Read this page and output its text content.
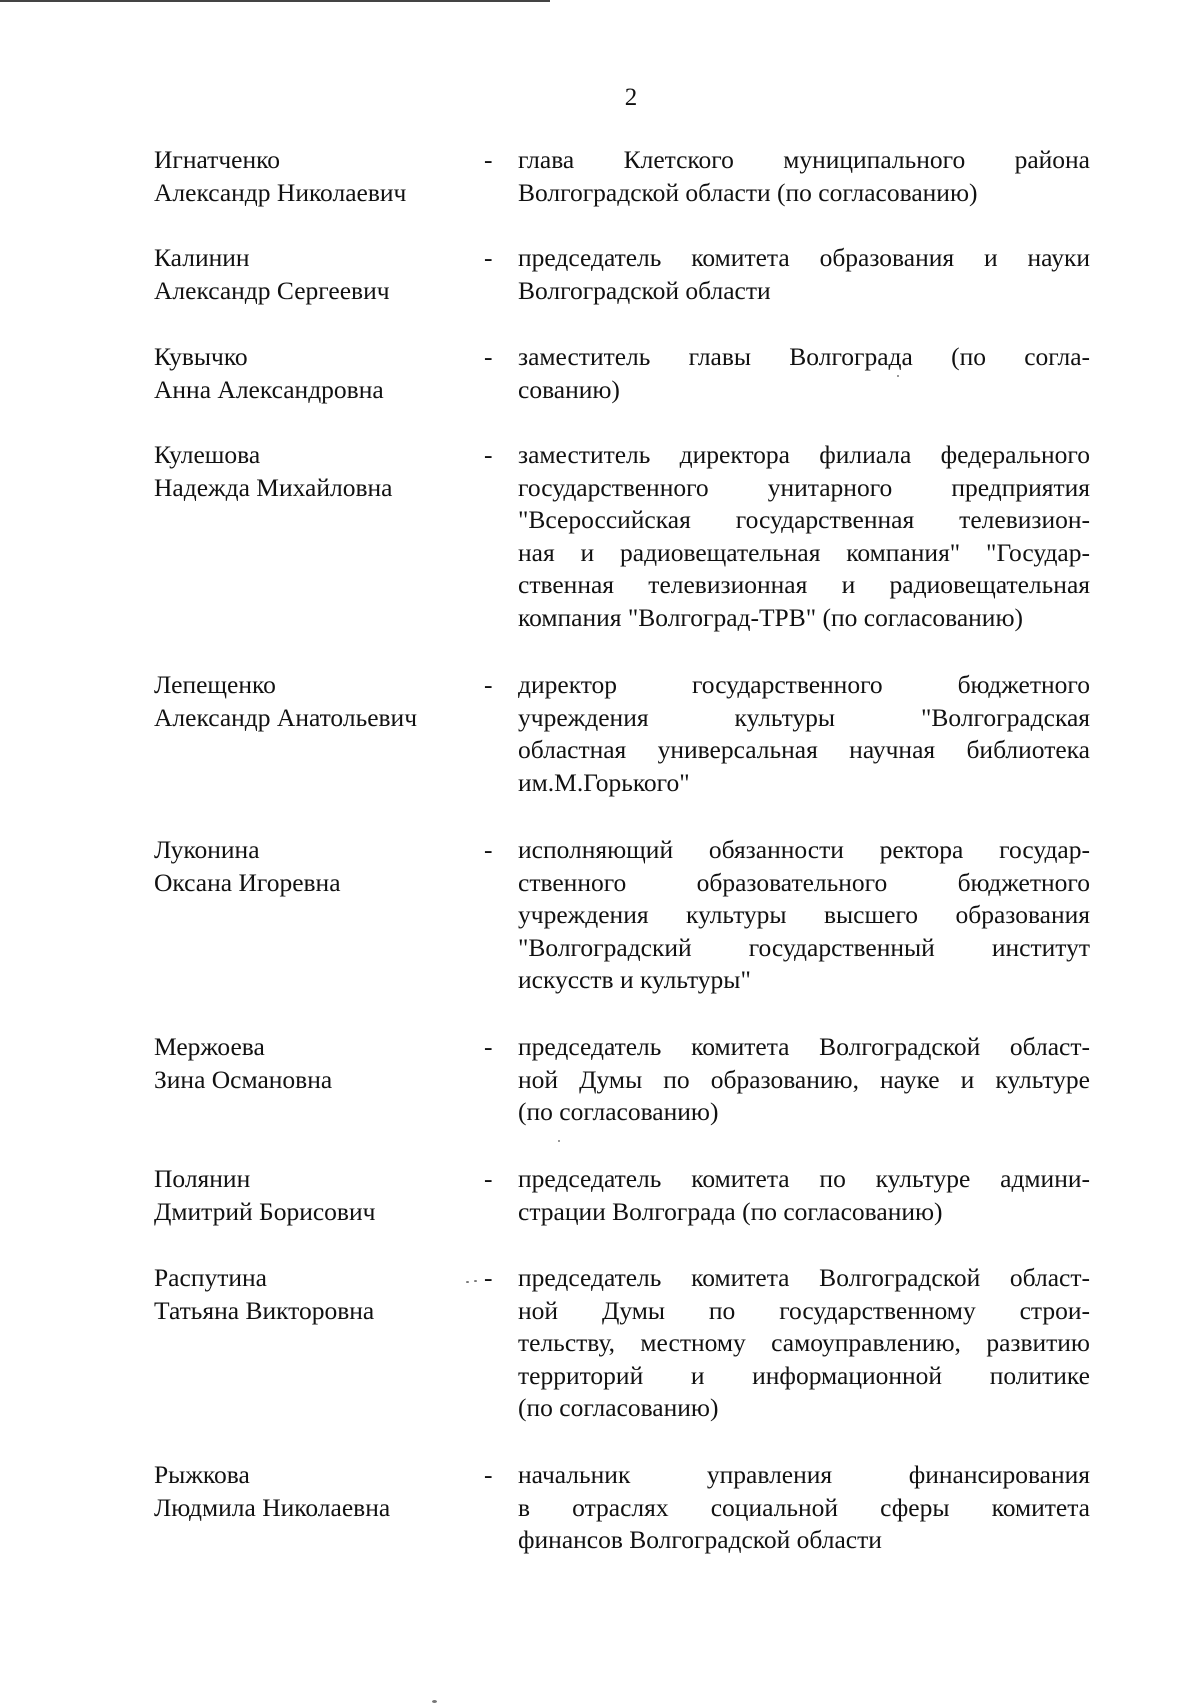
2
Игнатченко
Александр Николаевич
- глава Клетского муниципального района
Волгоградской области (по согласованию)
Калинин
Александр Сергеевич
- председатель комитета образования и науки
Волгоградской области
Кувычко
Анна Александровна
- заместитель главы Волгограда (по согла-
сованию)
Кулешова
Надежда Михайловна
- заместитель директора филиала федерального
государственного унитарного предприятия
"Всероссийская государственная телевизион-
ная и радиовещательная компания" "Государ-
ственная телевизионная и радиовещательная
компания "Волгоград-ТРВ" (по согласованию)
Лепещенко
Александр Анатольевич
- директор государственного бюджетного
учреждения культуры "Волгоградская
областная универсальная научная библиотека
им.М.Горького"
Луконина
Оксана Игоревна
- исполняющий обязанности ректора государ-
ственного образовательного бюджетного
учреждения культуры высшего образования
"Волгоградский государственный институт
искусств и культуры"
Мержоева
Зина Османовна
- председатель комитета Волгоградской област-
ной Думы по образованию, науке и культуре
(по согласованию)
Полянин
Дмитрий Борисович
- председатель комитета по культуре админи-
страции Волгограда (по согласованию)
Распутина
Татьяна Викторовна
- председатель комитета Волгоградской област-
ной Думы по государственному строи-
тельству, местному самоуправлению, развитию
территорий и информационной политике
(по согласованию)
Рыжкова
Людмила Николаевна
- начальник управления финансирования
в отраслях социальной сферы комитета
финансов Волгоградской области
